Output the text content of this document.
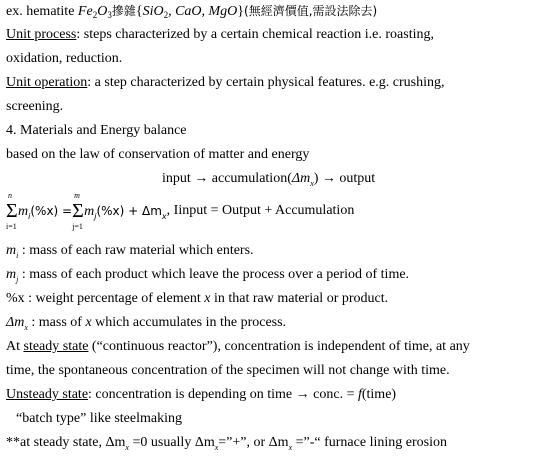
ex. hematite $Fe_2O_3$摻雜{SiO$_2$, CaO, MgO}(無經濟價值,需設法除去)
Unit process: steps characterized by a certain chemical reaction i.e. roasting,
oxidation, reduction.
Unit operation: a step characterized by certain physical features. e.g. crushing,
screening.
4. Materials and Energy balance
based on the law of conservation of matter and energy
input → $accumulation(\Delta m_x)$ → output
n
Σ
i=1
$m_i(\%x)$ =
m
Σ
j=1
$m_j(\%x) + \Delta m_x$, Iinput = Output + Accumulation
$m_i$ : mass of each raw material which enters.
$m_j$ : mass of each product which leave the process over a period of time.
%x : weight percentage of element x in that raw material or product.
$\Delta m_x$ : mass of x which accumulates in the process.
At steady state (“continuous reactor”), concentration is independent of time, at any
time, the spontaneous concentration of the specimen will not change with time.
Unsteady state: concentration is depending on time → conc. = f(time)
“batch type” like steelmaking
**at steady state, $\Delta m_x =0$ usually $\Delta m_x=”+$”, or $\Delta m_x$ =”-“ furnace lining erosion
